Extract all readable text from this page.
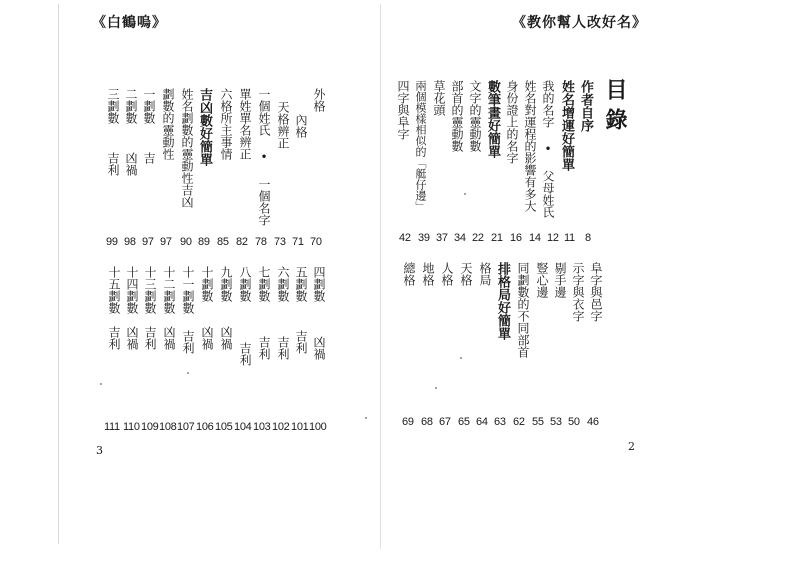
《白鶴嗚》	《教你幫人改好名》
目錄
外格
內格
天格辨正
一個姓氏 • 一個名字
單姓單名辨正
六格所主事情
吉凶數好簡單
姓名劃數的靈動性吉凶
劃數的靈動性
一劃數
吉
二劃數
凶禍
三劃數
吉利
70
71
73
78
82
85
89
90
97
97
98
99
四劃數
凶禍
五劃數
吉利
六劃數
吉利
七劃數
吉利
八劃數
吉利
九劃數
凶禍
十劃數
凶禍
十一劃數
吉利
十二劃數
凶禍
十三劃數
吉利
十四劃數
凶禍
十五劃數
吉利
100
101
102
103
104
105
106
107
108
109
110
111
作者自序
姓名增運好簡單
我的名字 • 父母姓氏
姓名對運程的影響有多大
身份證上的名字
數筆畫好簡單
文字的靈動數
部首的靈動數
草花頭
兩個模樣相似的「艇仔邊」
四字與阜字
8
11
12
14
16
21
22
34
37
39
42
阜字與邑字
示字與衣字
剔手邊
豎心邊
同劃數的不同部首
排格局好簡單
格局
天格
人格
地格
總格
46
50
53
55
62
63
64
65
67
68
69
3	2
